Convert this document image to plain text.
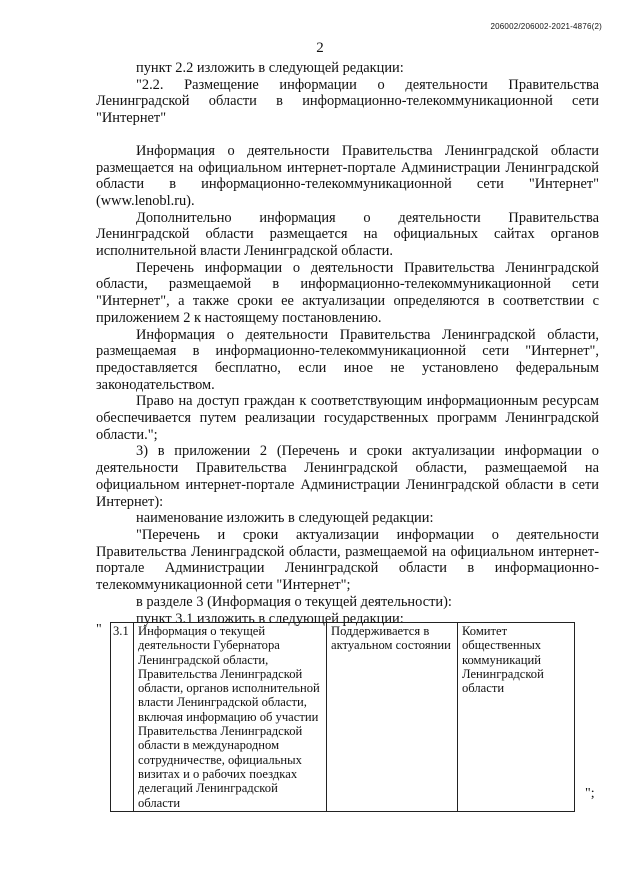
206002/206002-2021-4876(2)
2

пункт 2.2 изложить в следующей редакции:

"2.2. Размещение информации о деятельности Правительства Ленинградской области в информационно-телекоммуникационной сети "Интернет"

Информация о деятельности Правительства Ленинградской области размещается на официальном интернет-портале Администрации Ленинградской области в информационно-телекоммуникационной сети "Интернет" (www.lenobl.ru).

Дополнительно информация о деятельности Правительства Ленинградской области размещается на официальных сайтах органов исполнительной власти Ленинградской области.

Перечень информации о деятельности Правительства Ленинградской области, размещаемой в информационно-телекоммуникационной сети "Интернет", а также сроки ее актуализации определяются в соответствии с приложением 2 к настоящему постановлению.

Информация о деятельности Правительства Ленинградской области, размещаемая в информационно-телекоммуникационной сети "Интернет", предоставляется бесплатно, если иное не установлено федеральным законодательством.

Право на доступ граждан к соответствующим информационным ресурсам обеспечивается путем реализации государственных программ Ленинградской области.";

3) в приложении 2 (Перечень и сроки актуализации информации о деятельности Правительства Ленинградской области, размещаемой на официальном интернет-портале Администрации Ленинградской области в сети Интернет):

наименование изложить в следующей редакции:

"Перечень и сроки актуализации информации о деятельности Правительства Ленинградской области, размещаемой на официальном интернет-портале Администрации Ленинградской области в информационно-телекоммуникационной сети "Интернет";

в разделе 3 (Информация о текущей деятельности):

пункт 3.1 изложить в следующей редакции:

" 3.1	Информация о текущей деятельности Губернатора Ленинградской области, Правительства Ленинградской области, органов исполнительной власти Ленинградской области, включая информацию об участии Правительства Ленинградской области в международном сотрудничестве, официальных визитах и о рабочих поездках делегаций Ленинградской области	Поддерживается в актуальном состоянии	Комитет общественных коммуникаций Ленинградской области	
";
